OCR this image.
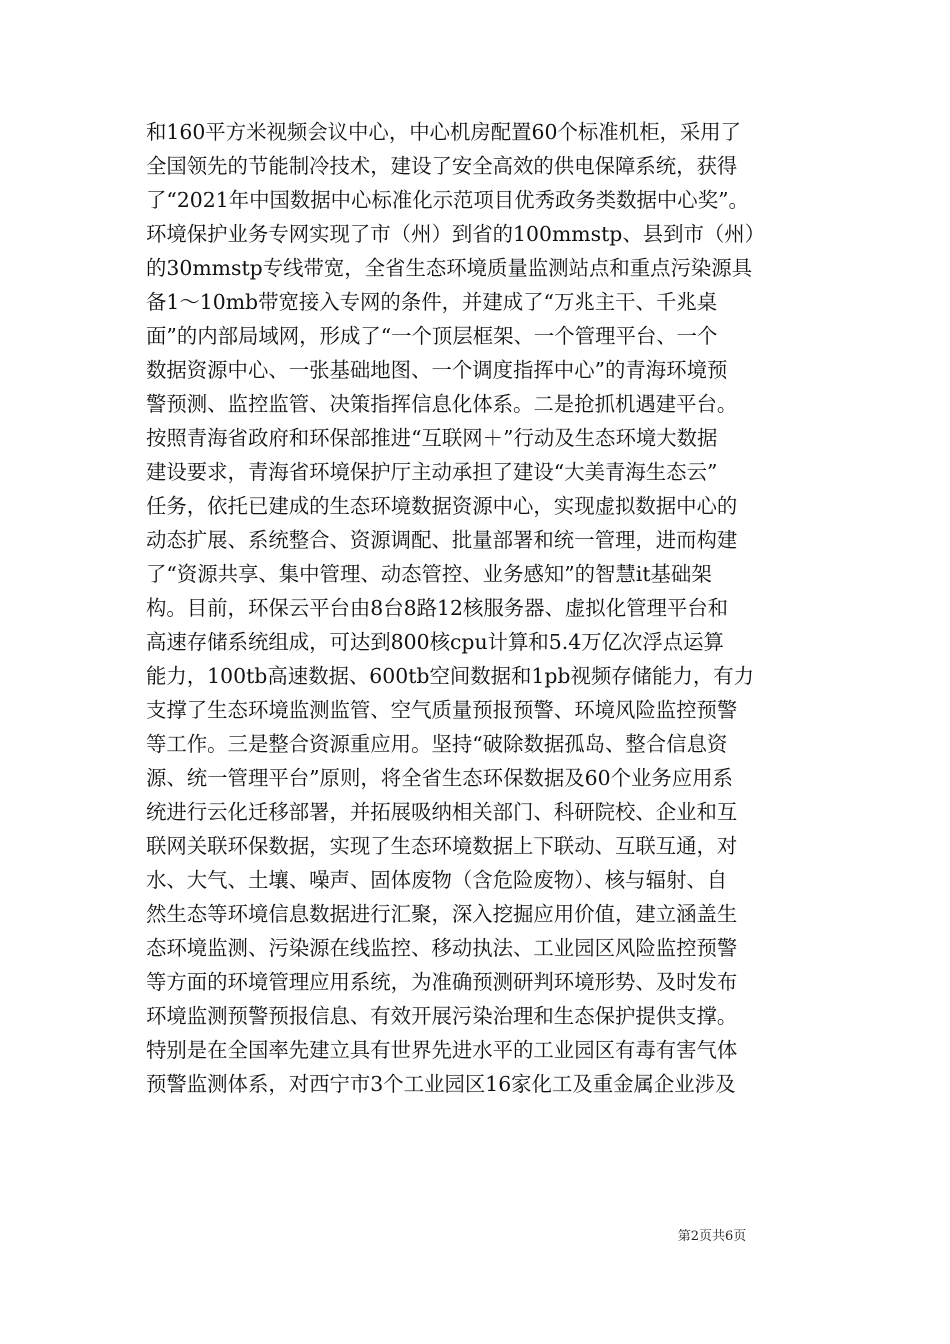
和160平方米视频会议中心，中心机房配置60个标准机柜，采用了
全国领先的节能制冷技术，建设了安全高效的供电保障系统，获得
了“2021年中国数据中心标准化示范项目优秀政务类数据中心奖”。
环境保护业务专网实现了市（州）到省的100mmstp、县到市（州）
的30mmstp专线带宽，全省生态环境质量监测站点和重点污染源具
备1～10mb带宽接入专网的条件，并建成了“万兆主干、千兆桌
面”的内部局域网，形成了“一个顶层框架、一个管理平台、一个
数据资源中心、一张基础地图、一个调度指挥中心”的青海环境预
警预测、监控监管、决策指挥信息化体系。二是抢抓机遇建平台。
按照青海省政府和环保部推进“互联网＋”行动及生态环境大数据
建设要求，青海省环境保护厅主动承担了建设“大美青海生态云”
任务，依托已建成的生态环境数据资源中心，实现虚拟数据中心的
动态扩展、系统整合、资源调配、批量部署和统一管理，进而构建
了“资源共享、集中管理、动态管控、业务感知”的智慧it基础架
构。目前，环保云平台由8台8路12核服务器、虚拟化管理平台和
高速存储系统组成，可达到800核cpu计算和5.4万亿次浮点运算
能力，100tb高速数据、600tb空间数据和1pb视频存储能力，有力
支撑了生态环境监测监管、空气质量预报预警、环境风险监控预警
等工作。三是整合资源重应用。坚持“破除数据孤岛、整合信息资
源、统一管理平台”原则，将全省生态环保数据及60个业务应用系
统进行云化迁移部署，并拓展吸纳相关部门、科研院校、企业和互
联网关联环保数据，实现了生态环境数据上下联动、互联互通，对
水、大气、土壤、噪声、固体废物（含危险废物）、核与辐射、自
然生态等环境信息数据进行汇聚，深入挖掘应用价值，建立涵盖生
态环境监测、污染源在线监控、移动执法、工业园区风险监控预警
等方面的环境管理应用系统，为准确预测研判环境形势、及时发布
环境监测预警预报信息、有效开展污染治理和生态保护提供支撑。
特别是在全国率先建立具有世界先进水平的工业园区有毒有害气体
预警监测体系，对西宁市3个工业园区16家化工及重金属企业涉及
第2页共6页
